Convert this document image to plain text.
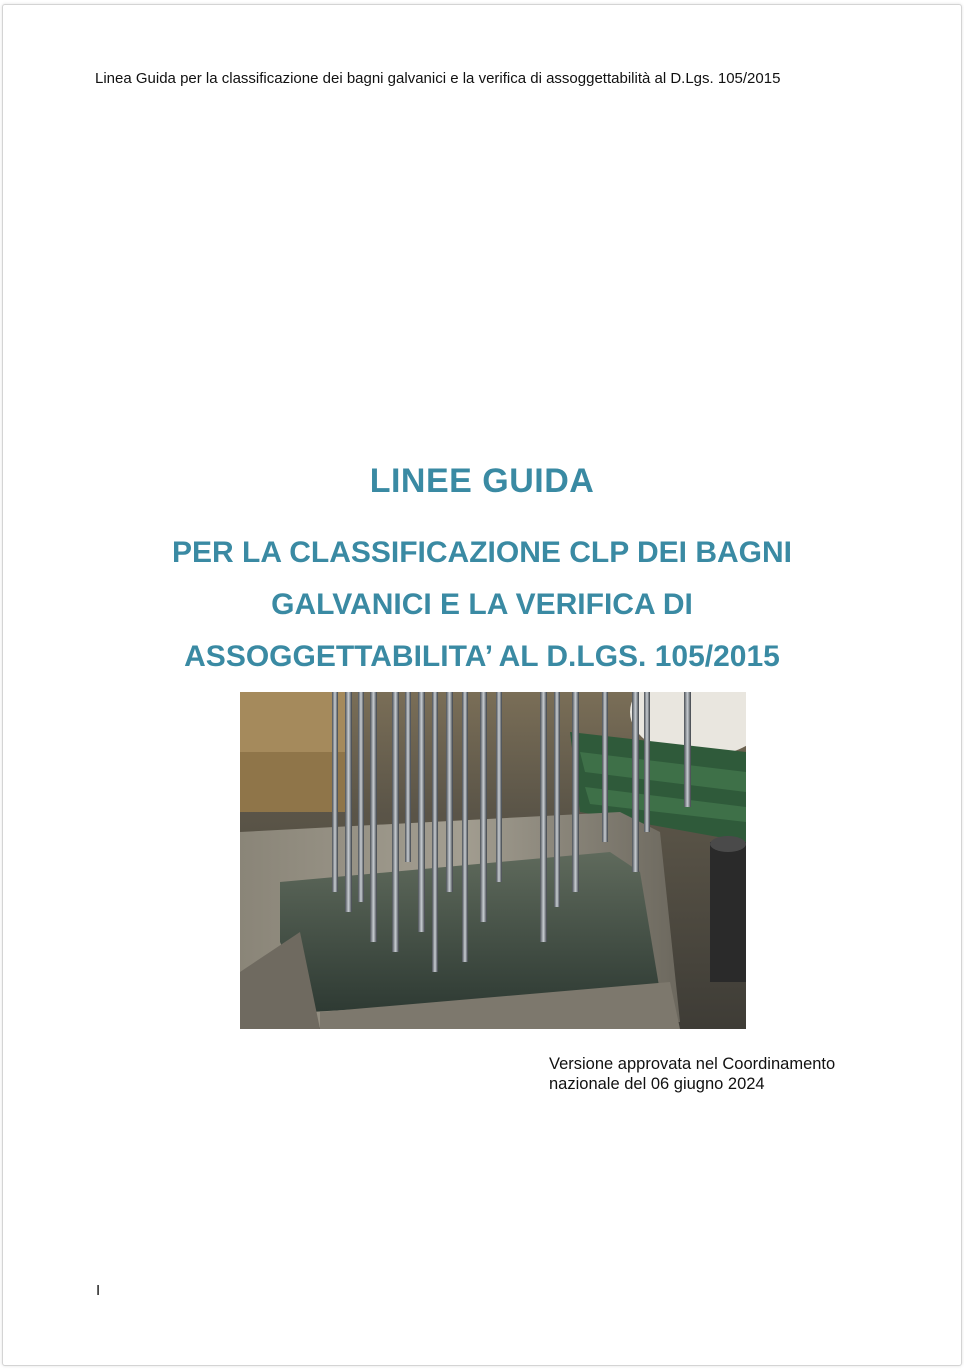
Linea Guida per la classificazione dei bagni galvanici e la verifica di assoggettabilità al D.Lgs. 105/2015
LINEE GUIDA
PER LA CLASSIFICAZIONE CLP DEI BAGNI GALVANICI E LA VERIFICA DI ASSOGGETTABILITA’ AL D.LGS. 105/2015
Versione approvata nel Coordinamento
nazionale del 06 giugno 2024
I
